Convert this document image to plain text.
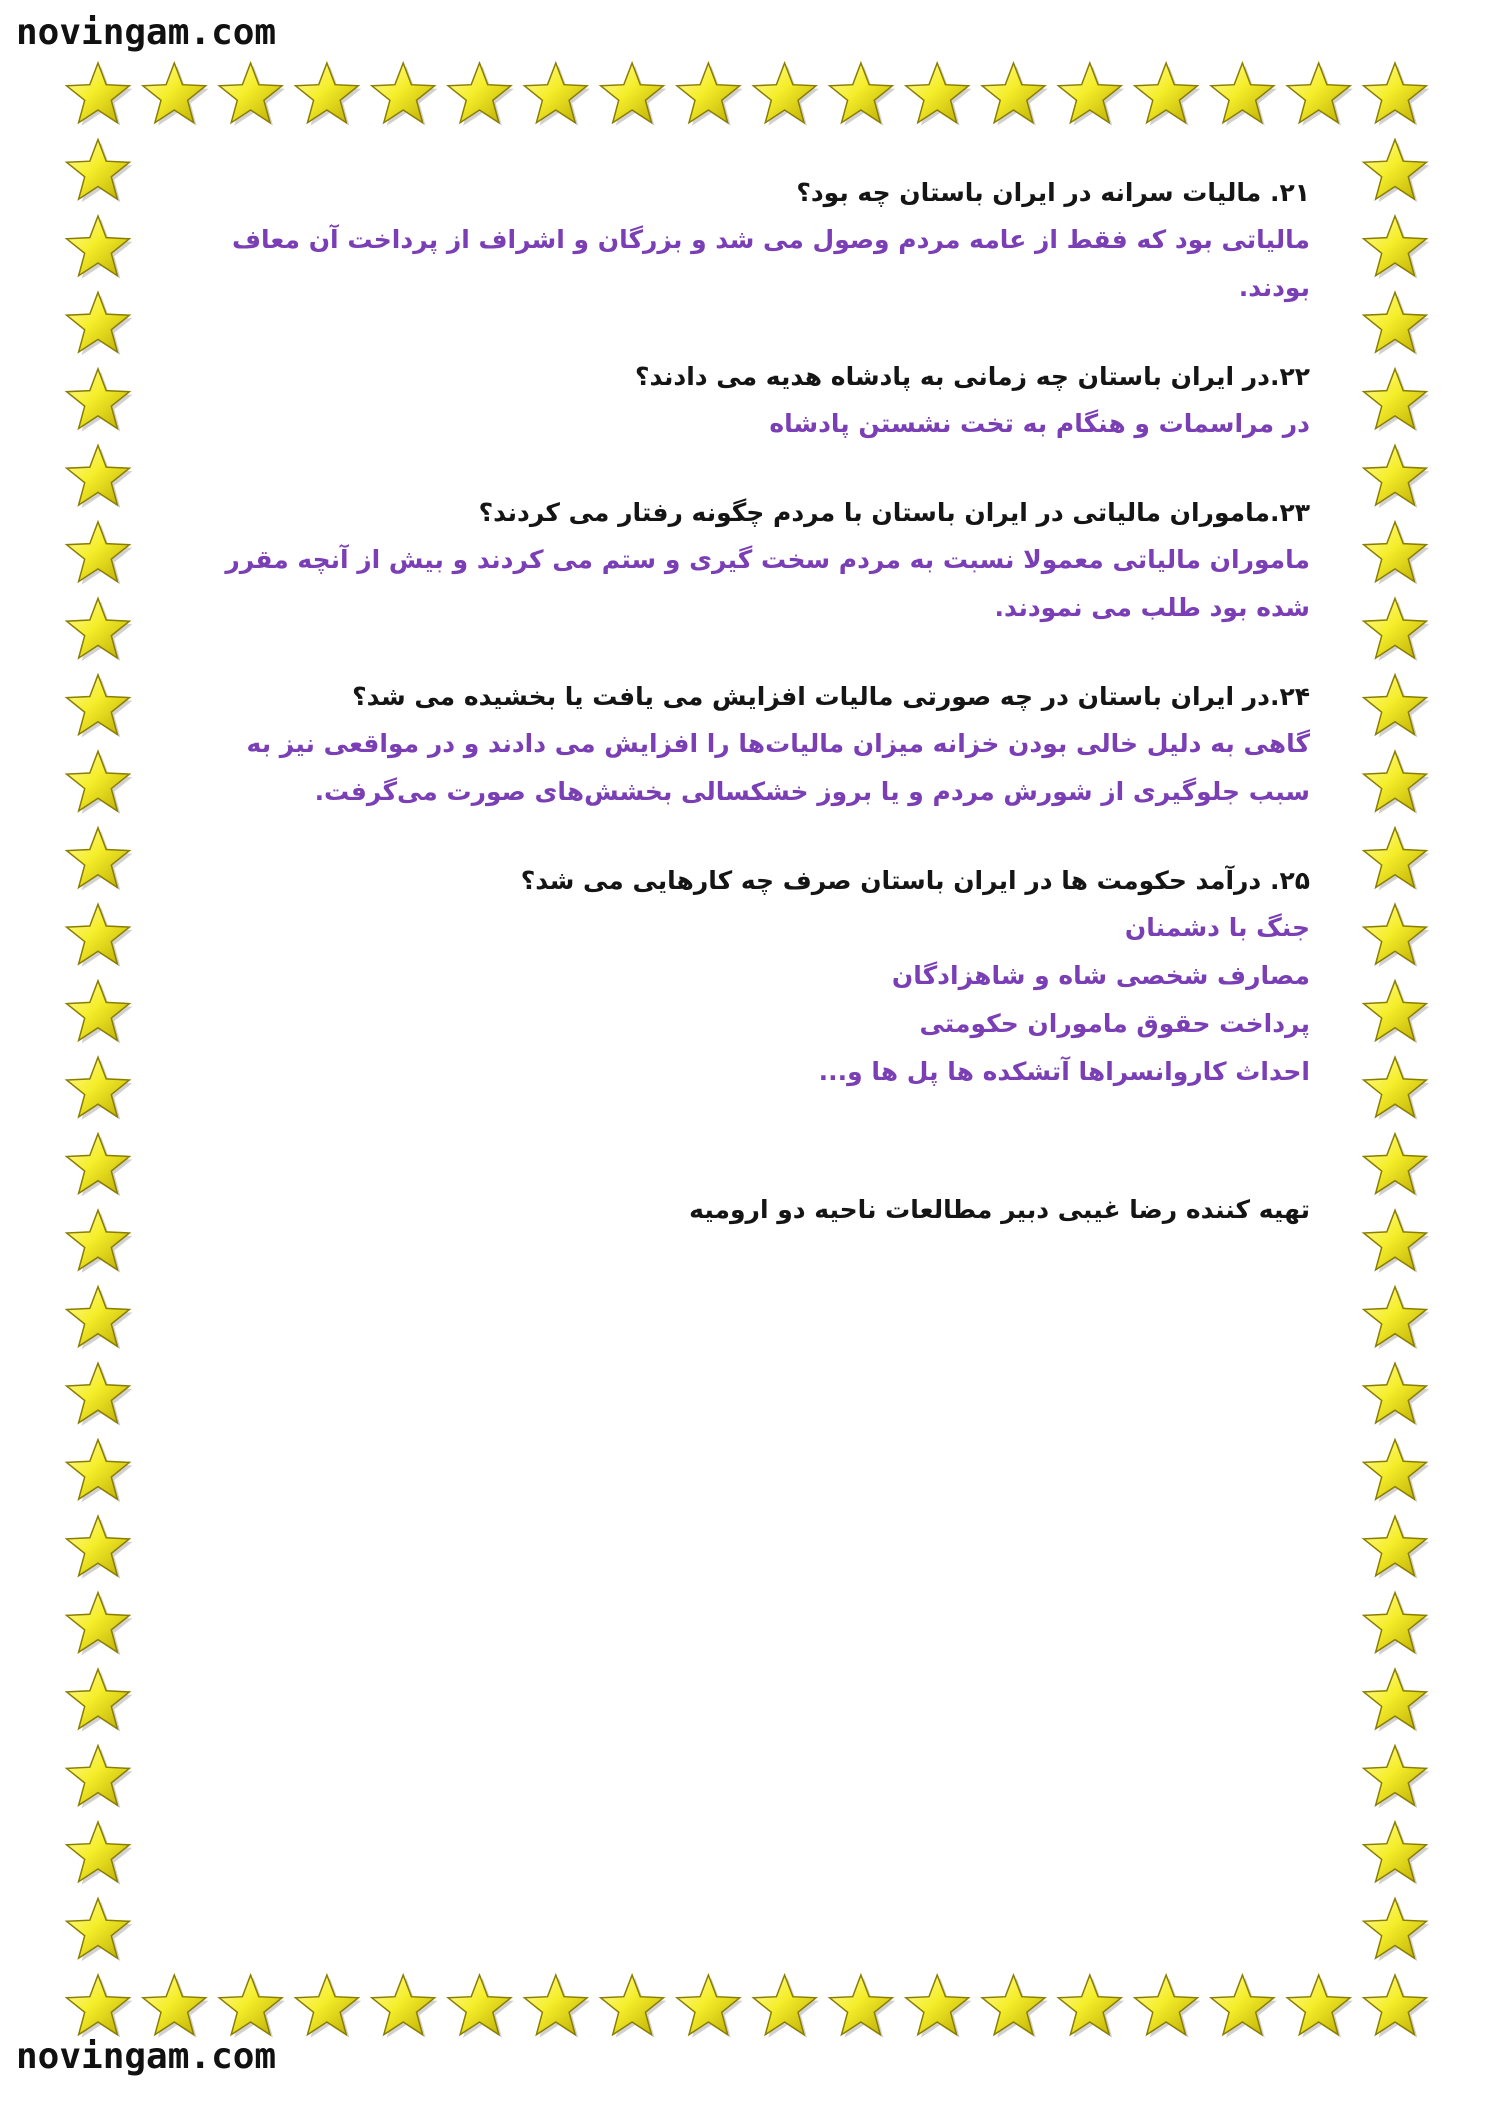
novingam.com
۲۱. مالیات سرانه در ایران باستان چه بود؟
مالیاتی بود که فقط از عامه مردم وصول می شد و بزرگان و اشراف از پرداخت آن معاف بودند.
۲۲.در ایران باستان چه زمانی به پادشاه هدیه می دادند؟
در مراسمات و هنگام به تخت نشستن پادشاه
۲۳.ماموران مالیاتی در ایران باستان با مردم چگونه رفتار می کردند؟
ماموران مالیاتی معمولا نسبت به مردم سخت گیری و ستم می کردند و بیش از آنچه مقرر شده بود طلب می نمودند.
۲۴.در ایران باستان در چه صورتی مالیات افزایش می یافت یا بخشیده می شد؟
گاهی به دلیل خالی بودن خزانه میزان مالیات‌ها را افزایش می دادند و در مواقعی نیز به سبب جلوگیری از شورش مردم و یا بروز خشکسالی بخشش‌های صورت می‌گرفت.
۲۵. درآمد حکومت ها در ایران باستان صرف چه کارهایی می شد؟
جنگ با دشمنان
مصارف شخصی شاه و شاهزادگان
پرداخت حقوق ماموران حکومتی
احداث کاروانسراها آتشکده ها پل ها و...
تهیه کننده رضا غیبی دبیر مطالعات ناحیه دو ارومیه
novingam.com
